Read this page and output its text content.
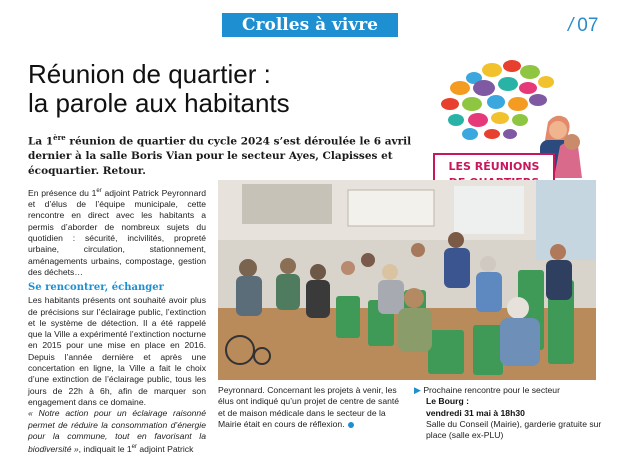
Crolles à vivre	/ 07
Réunion de quartier :
la parole aux habitants
LES RÉUNIONS

La 1ère réunion de quartier du cycle 2024 s’est déroulée le 6 avril dernier à la salle Boris Vian pour le secteur Ayes, Clapisses et écoquartier. Retour.

En présence du 1er adjoint Patrick Peyronnard et d’élus de l’équipe municipale, cette rencontre en direct avec les habitants a permis d’aborder de nombreux sujets du quotidien : sécurité, incivilités, propreté urbaine, circulation, stationnement, aménagements urbains, compostage, gestion des déchets…

Se rencontrer, échanger

Les habitants présents ont souhaité avoir plus de précisions sur l’éclairage public, l’extinction et le système de détection. Il a été rappelé que la Ville a expérimenté l’extinction nocturne en 2015 pour une mise en place en 2016. Depuis l’année dernière et après une concertation en ligne, la Ville a fait le choix d’une extinction de l’éclairage public, tous les jours de 22h à 6h, afin de marquer son engagement dans ce domaine.

« Notre action pour un éclairage raisonné permet de réduire la consommation d’énergie pour la commune, tout en favorisant la biodiversité », indiquait le 1er adjoint Patrick

Peyronnard. Concernant les projets à venir, les élus ont indiqué qu’un projet de centre de santé et de maison médicale dans le secteur de la Mairie était en cours de réflexion.
▶ Prochaine rencontre pour le secteur
Le Bourg :
vendredi 31 mai à 18h30
Salle du Conseil (Mairie), garderie gratuite sur place (salle ex-PLU)
